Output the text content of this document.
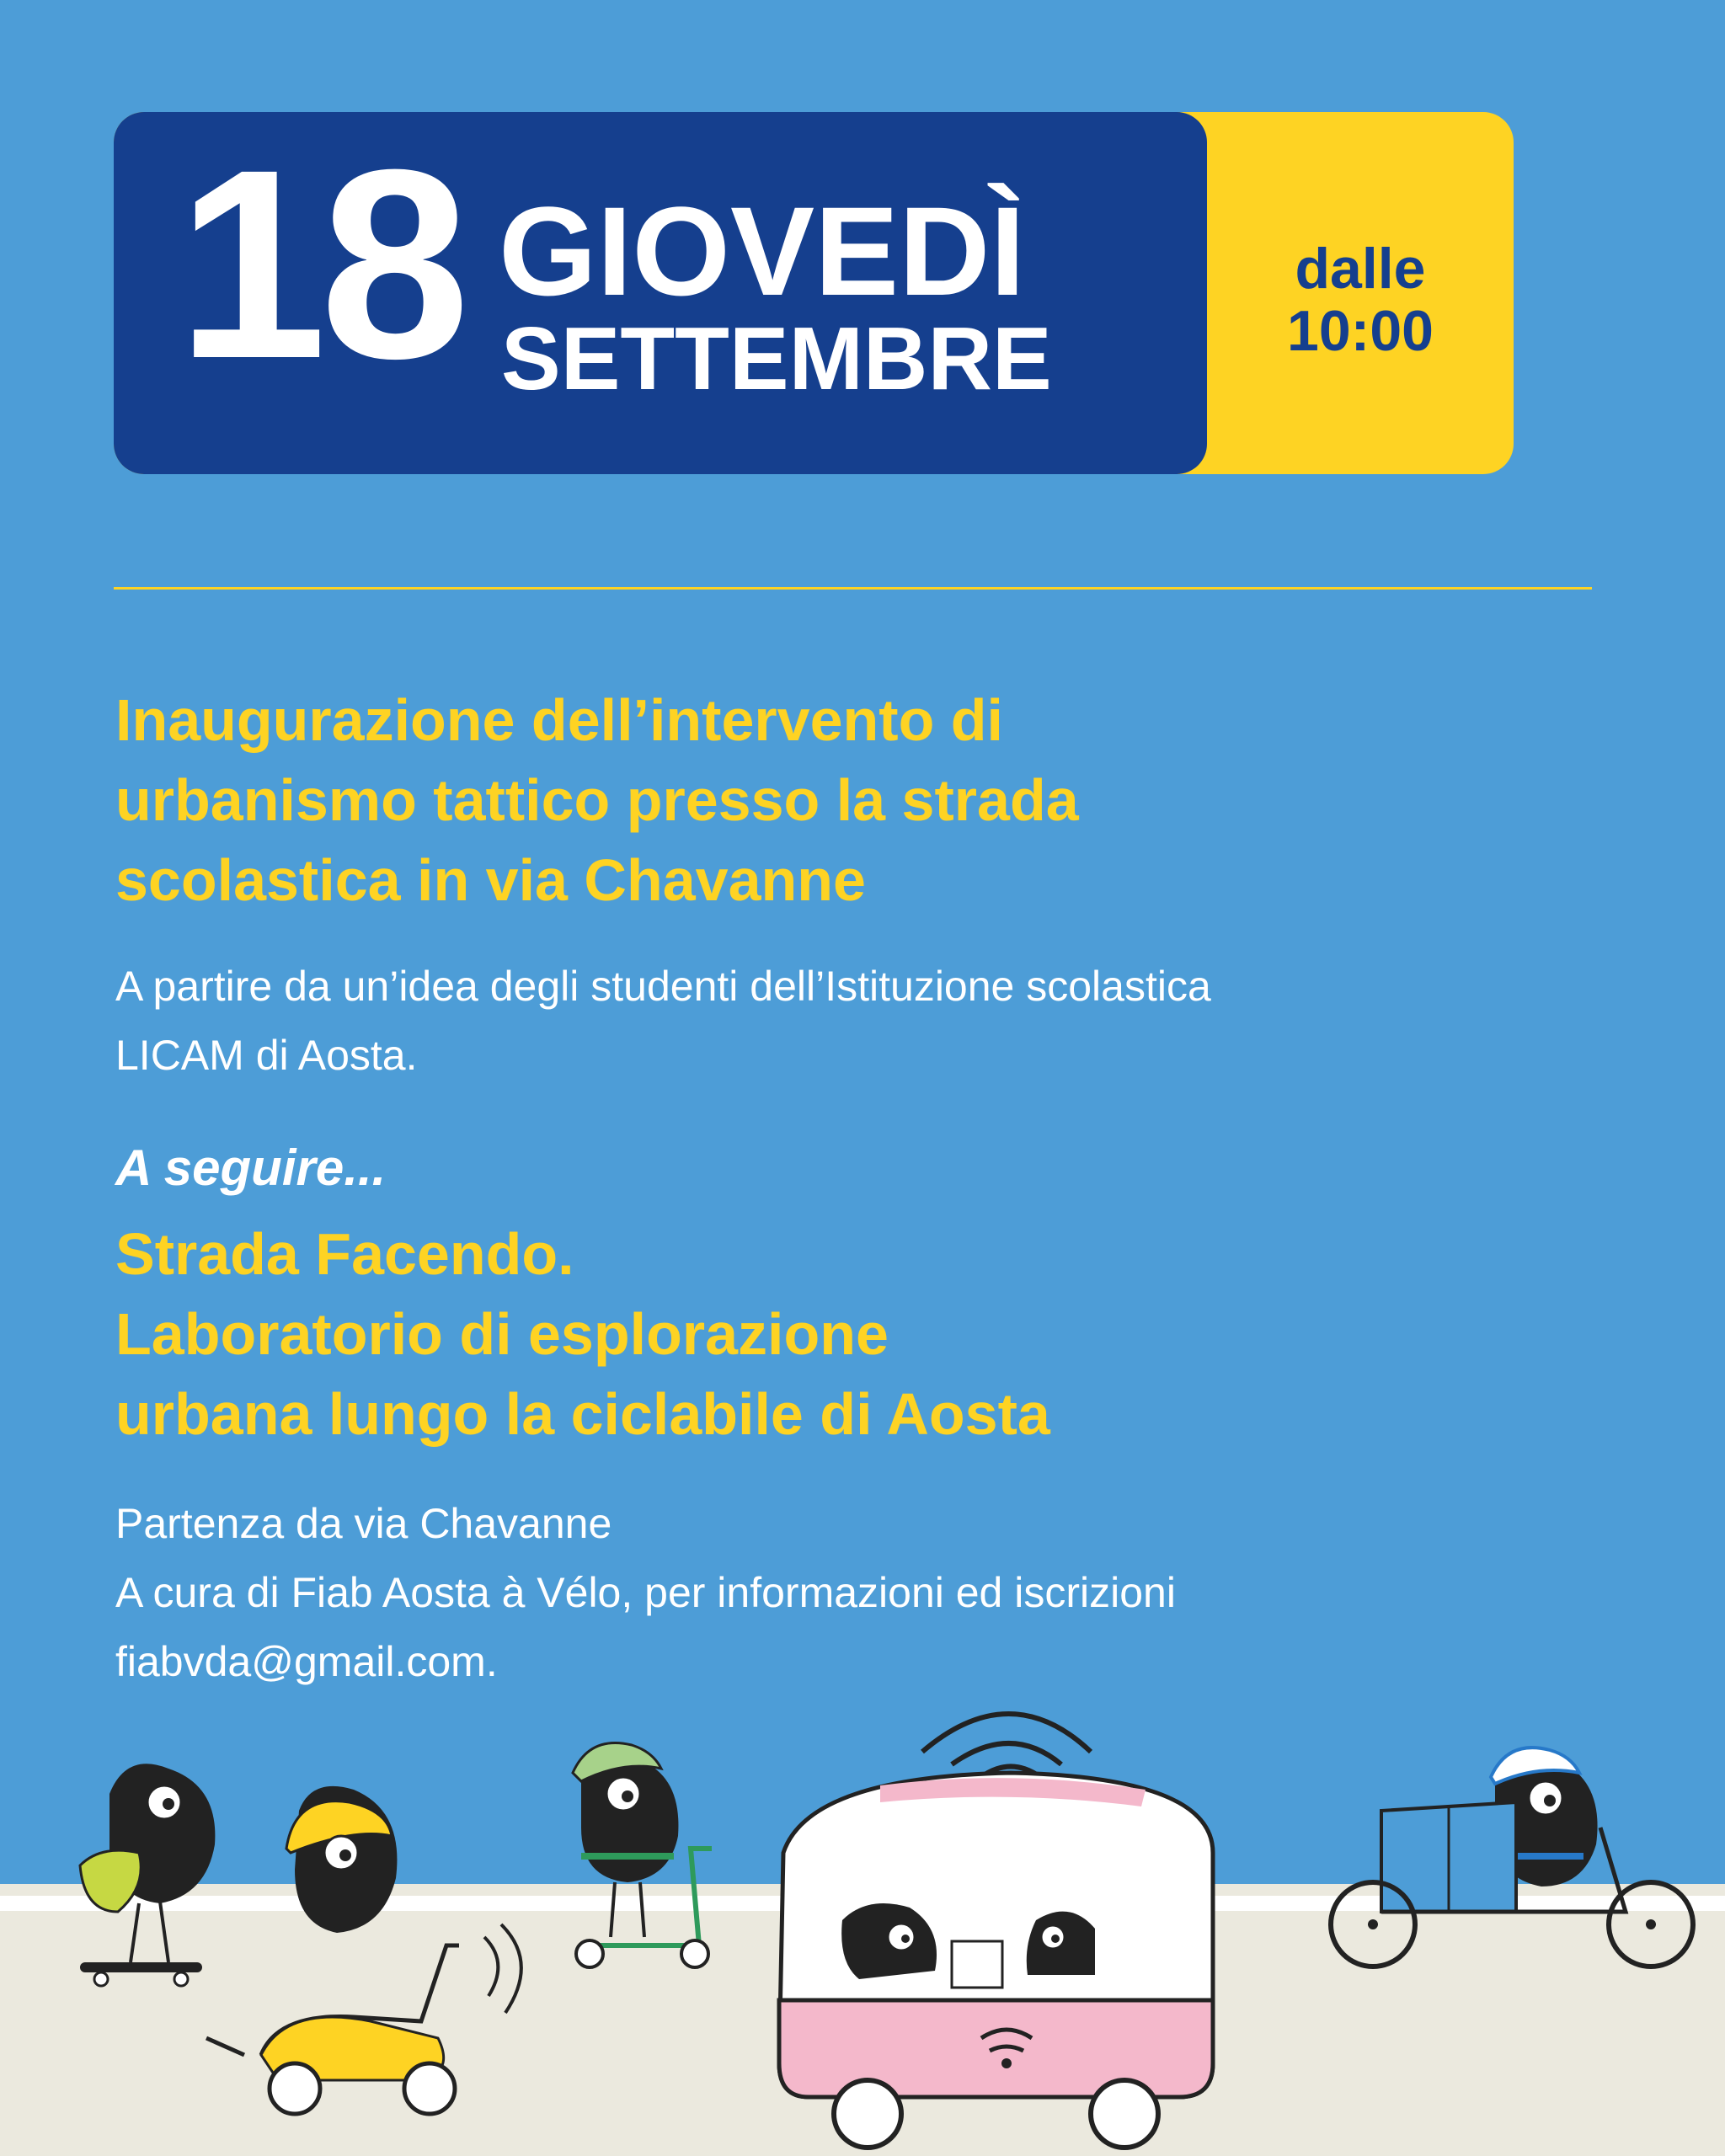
18 GIOVEDÌ
SETTEMBRE
dalle
10:00
Inaugurazione dell’intervento di
urbanismo tattico presso la strada
scolastica in via Chavanne

A partire da un’idea degli studenti dell’Istituzione scolastica
LICAM di Aosta.

A seguire...
Strada Facendo.
Laboratorio di esplorazione
urbana lungo la ciclabile di Aosta

Partenza da via Chavanne
A cura di Fiab Aosta à Vélo, per informazioni ed iscrizioni
fiabvda@gmail.com.
